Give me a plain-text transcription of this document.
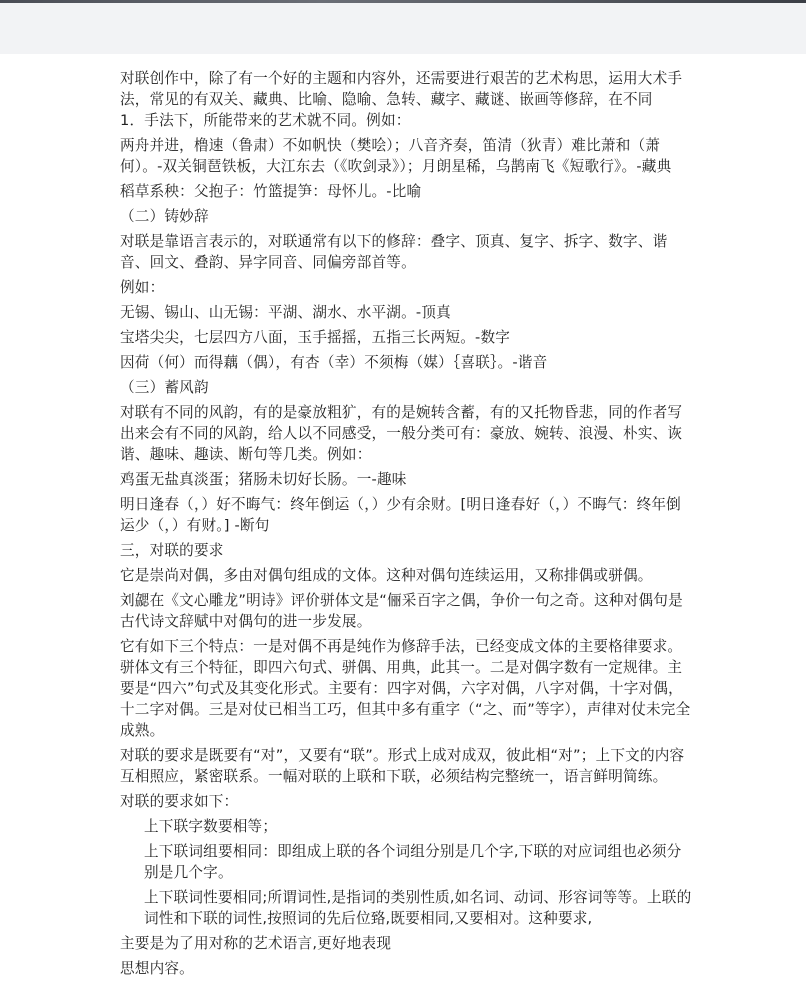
对联创作中，除了有一个好的主题和内容外，还需要进行艰苦的艺术构思，运用大术手法，常见的有双关、藏典、比喻、隐喻、急转、藏字、藏谜、嵌画等修辞，在不同

1．手法下，所能带来的艺术就不同。例如：

两舟并进，橹速（鲁肃）不如帆快（樊哙）；八音齐奏，笛清（狄青）难比萧和（萧何）。-双关铜琶铁板，大江东去（《吹剑录》）；月朗星稀，乌鹊南飞《短歌行》。-藏典

稻草系秧：父抱子：竹篮提笋：母怀儿。-比喻

（二）铸妙辞

对联是靠语言表示的，对联通常有以下的修辞：叠字、顶真、复字、拆字、数字、谐音、回文、叠韵、异字同音、同偏旁部首等。

例如：

无锡、锡山、山无锡：平湖、湖水、水平湖。-顶真

宝塔尖尖，七层四方八面，玉手摇摇，五指三长两短。-数字

因荷（何）而得藕（偶），有杏（幸）不须梅（媒）｛喜联｝。-谐音

（三）蓄风韵

对联有不同的风韵，有的是豪放粗犷，有的是婉转含蓄，有的又托物昏悲，同的作者写出来会有不同的风韵，给人以不同感受，一般分类可有：豪放、婉转、浪漫、朴实、诙谐、趣味、趣读、断句等几类。例如：

鸡蛋无盐真淡蛋；猪肠未切好长肠。一-趣味

明日逢春（，）好不晦气：终年倒运（，）少有余财。[明日逢春好（，）不晦气：终年倒运少（，）有财。] -断句

三，对联的要求

它是崇尚对偶，多由对偶句组成的文体。这种对偶句连续运用，又称排偶或骈偶。

刘勰在《文心雕龙”明诗》评价骈体文是“俪采百字之偶，争价一句之奇。这种对偶句是古代诗文辞赋中对偶句的进一步发展。

它有如下三个特点：一是对偶不再是纯作为修辞手法，已经变成文体的主要格律要求。骈体文有三个特征，即四六句式、骈偶、用典，此其一。二是对偶字数有一定规律。主要是“四六”句式及其变化形式。主要有：四字对偶，六字对偶，八字对偶，十字对偶，十二字对偶。三是对仗已相当工巧，但其中多有重字（“之、而”等字），声律对仗未完全成熟。

对联的要求是既要有“对”，又要有“联”。形式上成对成双，彼此相“对”；上下文的内容互相照应，紧密联系。一幅对联的上联和下联，必须结构完整统一，语言鲜明简练。

对联的要求如下：

上下联字数要相等；

上下联词组要相同：即组成上联的各个词组分别是几个字,下联的对应词组也必须分别是几个字。

上下联词性要相同;所谓词性,是指词的类别性质,如名词、动词、形容词等等。上联的词性和下联的词性,按照词的先后位臵,既要相同,又要相对。这种要求,

主要是为了用对称的艺术语言,更好地表现

思想内容。
